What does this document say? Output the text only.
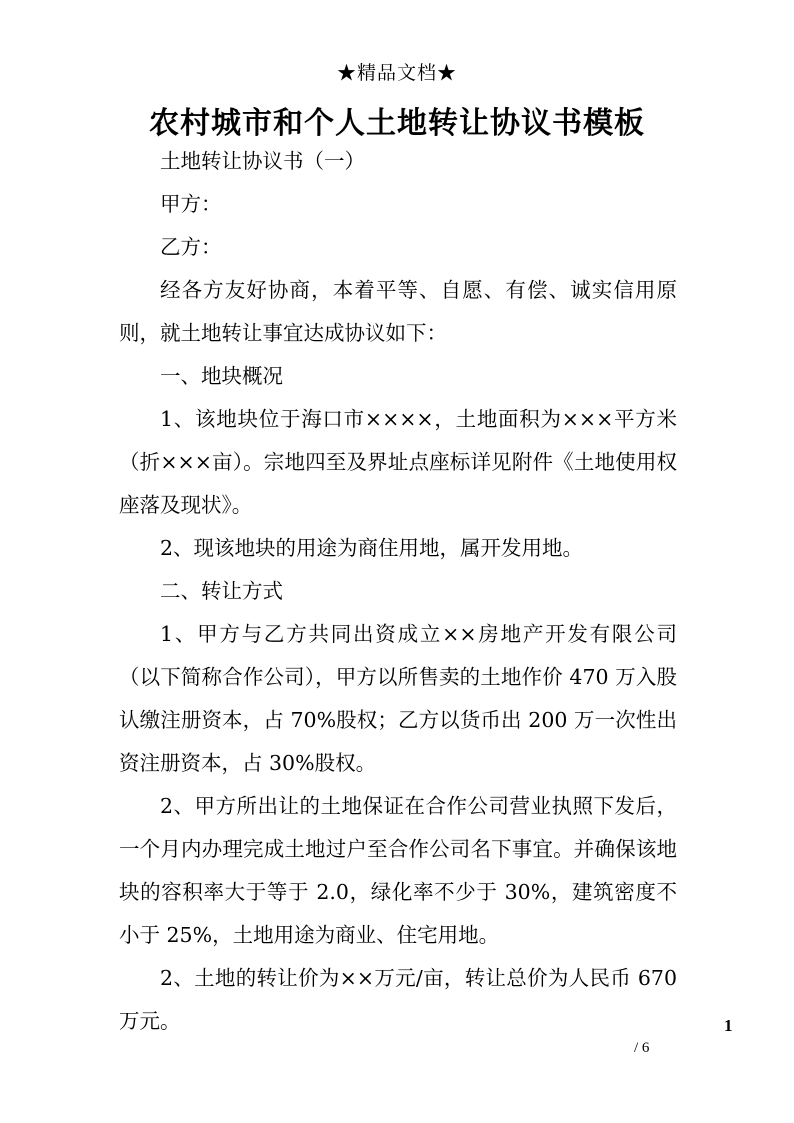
★精品文档★
农村城市和个人土地转让协议书模板

土地转让协议书（一）

甲方：

乙方：

经各方友好协商，本着平等、自愿、有偿、诚实信用原则，就土地转让事宜达成协议如下：

一、地块概况

1、该地块位于海口市××××，土地面积为×××平方米（折×××亩）。宗地四至及界址点座标详见附件《土地使用权座落及现状》。

2、现该地块的用途为商住用地，属开发用地。

二、转让方式

1、甲方与乙方共同出资成立××房地产开发有限公司（以下简称合作公司），甲方以所售卖的土地作价 470 万入股认缴注册资本，占 70%股权；乙方以货币出 200 万一次性出资注册资本，占 30%股权。

2、甲方所出让的土地保证在合作公司营业执照下发后，一个月内办理完成土地过户至合作公司名下事宜。并确保该地块的容积率大于等于 2.0，绿化率不少于 30%，建筑密度不小于 25%，土地用途为商业、住宅用地。

2、土地的转让价为××万元/亩，转让总价为人民币 670 万元。	1
/ 6
